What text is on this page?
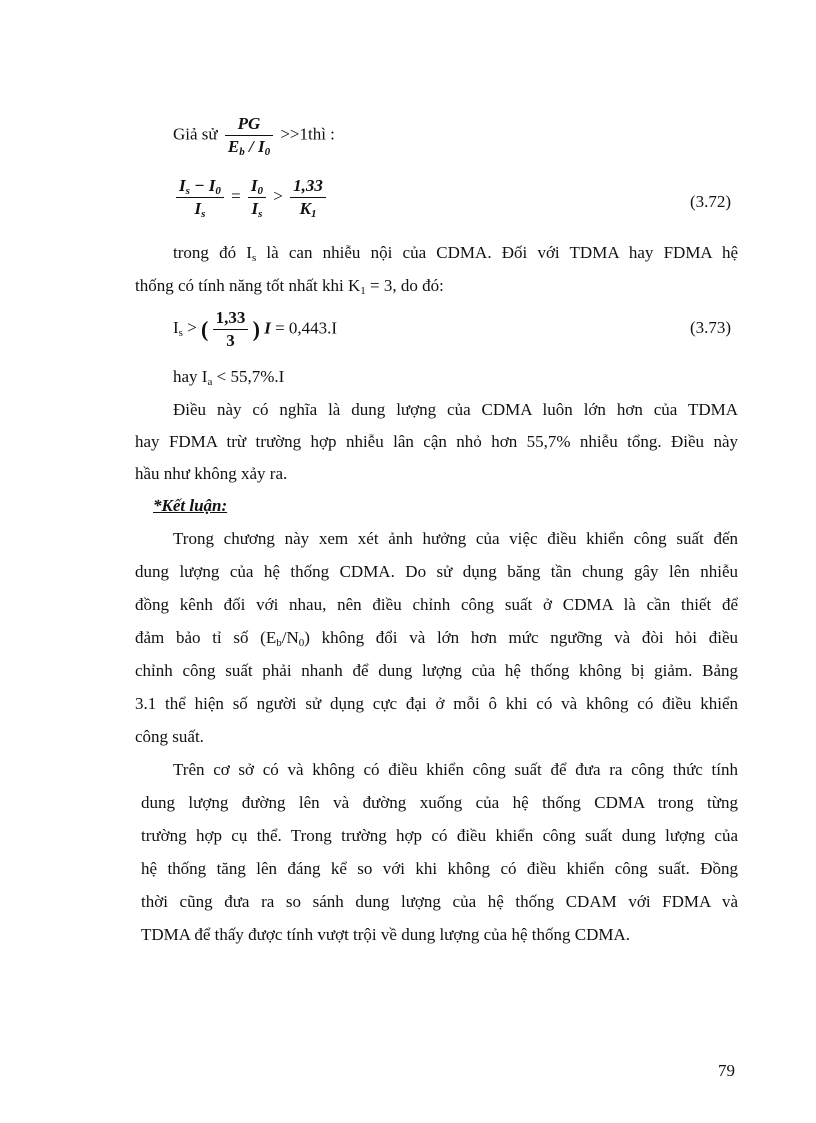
Giả sử $\frac{PG}{E_b / I_0}$ >>1thì :
$\frac{I_s - I_0}{I_s} = \frac{I_0}{I_s} > \frac{1,33}{K_1}$	(3.72)
trong đó $I_s$ là can nhiễu nội của CDMA. Đối với TDMA hay FDMA hệ
thống có tính năng tốt nhất khi $K_1 = 3$, do đó:
$I_s$ > ( $\frac{1,33}{3}$ ) I = 0,443.I	(3.73)
hay $I_a < 55,7\%.I$
Điều này có nghĩa là dung lượng của CDMA luôn lớn hơn của TDMA
hay FDMA trừ trường hợp nhiễu lân cận nhỏ hơn 55,7% nhiễu tổng. Điều này
hầu như không xảy ra.
*Kết luận:
Trong chương này xem xét ảnh hưởng của việc điều khiển công suất đến
dung lượng của hệ thống CDMA. Do sử dụng băng tần chung gây lên nhiễu
đồng kênh đối với nhau, nên điều chỉnh công suất ở CDMA là cần thiết để
đảm bảo tỉ số $(E_b/N_0)$ không đổi và lớn hơn mức ngưỡng và đòi hỏi điều
chỉnh công suất phải nhanh để dung lượng của hệ thống không bị giảm. Bảng
3.1 thể hiện số người sử dụng cực đại ở mỗi ô khi có và không có điều khiển
công suất.
Trên cơ sở có và không có điều khiển công suất để đưa ra công thức tính
dung lượng đường lên và đường xuống của hệ thống CDMA trong từng
trường hợp cụ thể. Trong trường hợp có điều khiển công suất dung lượng của
hệ thống tăng lên đáng kể so với khi không có điều khiển công suất. Đồng
thời cũng đưa ra so sánh dung lượng của hệ thống CDAM với FDMA và
TDMA để thấy được tính vượt trội về dung lượng của hệ thống CDMA.
79
